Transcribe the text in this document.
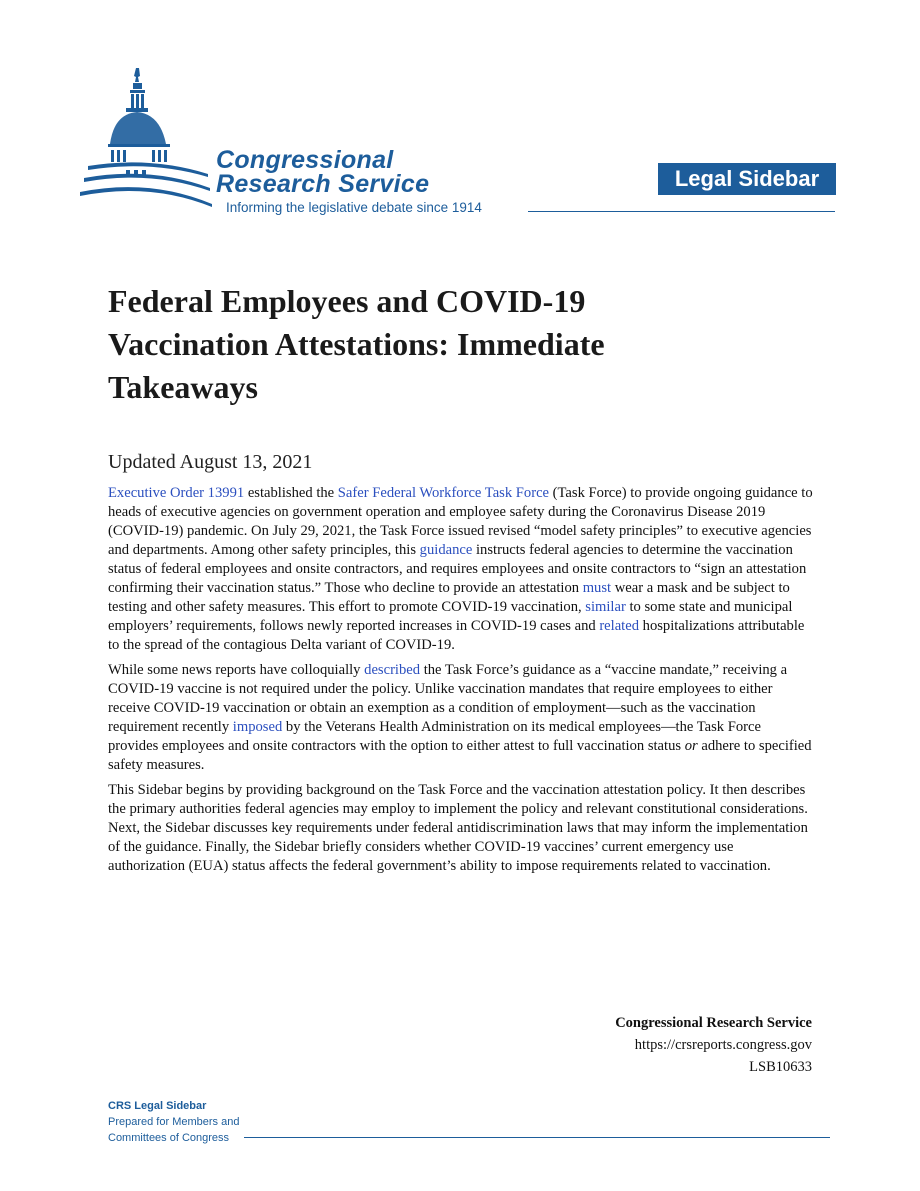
Congressional
Research Service
Informing the legislative debate since 1914
Legal Sidebar
Federal Employees and COVID-19 Vaccination Attestations: Immediate Takeaways
Updated August 13, 2021

Executive Order 13991 established the Safer Federal Workforce Task Force (Task Force) to provide ongoing guidance to heads of executive agencies on government operation and employee safety during the Coronavirus Disease 2019 (COVID-19) pandemic. On July 29, 2021, the Task Force issued revised “model safety principles” to executive agencies and departments. Among other safety principles, this guidance instructs federal agencies to determine the vaccination status of federal employees and onsite contractors, and requires employees and onsite contractors to “sign an attestation confirming their vaccination status.” Those who decline to provide an attestation must wear a mask and be subject to testing and other safety measures. This effort to promote COVID-19 vaccination, similar to some state and municipal employers’ requirements, follows newly reported increases in COVID-19 cases and related hospitalizations attributable to the spread of the contagious Delta variant of COVID-19.

While some news reports have colloquially described the Task Force’s guidance as a “vaccine mandate,” receiving a COVID-19 vaccine is not required under the policy. Unlike vaccination mandates that require employees to either receive COVID-19 vaccination or obtain an exemption as a condition of employment—such as the vaccination requirement recently imposed by the Veterans Health Administration on its medical employees—the Task Force provides employees and onsite contractors with the option to either attest to full vaccination status or adhere to specified safety measures.

This Sidebar begins by providing background on the Task Force and the vaccination attestation policy. It then describes the primary authorities federal agencies may employ to implement the policy and relevant constitutional considerations. Next, the Sidebar discusses key requirements under federal antidiscrimination laws that may inform the implementation of the guidance. Finally, the Sidebar briefly considers whether COVID-19 vaccines’ current emergency use authorization (EUA) status affects the federal government’s ability to impose requirements related to vaccination.

Congressional Research Service
https://crsreports.congress.gov
LSB10633
CRS Legal Sidebar
Prepared for Members and
Committees of Congress
